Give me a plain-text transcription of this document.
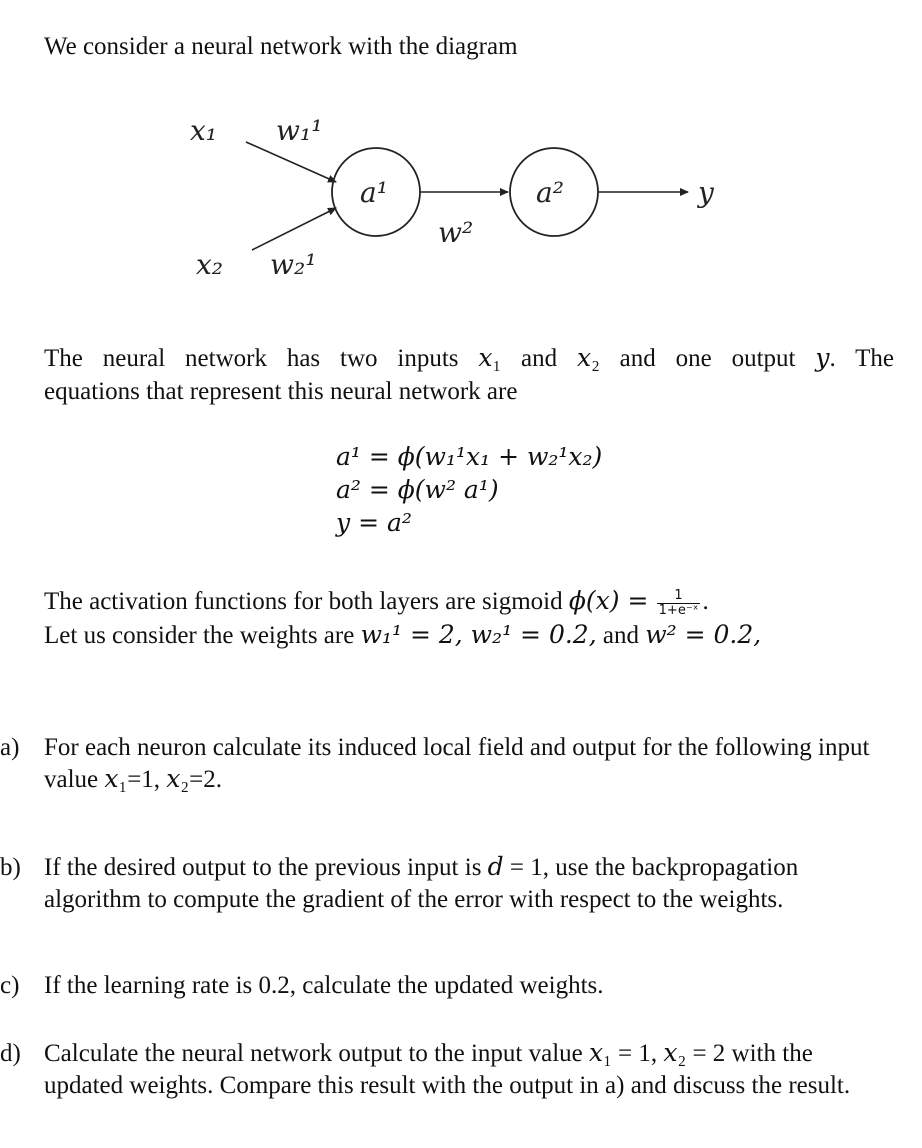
We consider a neural network with the diagram
x₁ w₁¹
x₂ w₂¹
a¹
w²
a²	y
The neural network has two inputs 𝑥₁ and 𝑥₂ and one output 𝑦. The
equations that represent this neural network are
a¹ = ϕ(w₁¹x₁ + w₂¹x₂)
a² = ϕ(w² a¹)
y = a²
The activation functions for both layers are sigmoid $\phi(x) = \frac{1}{\text{1+e⁻ˣ}}$ .
Let us consider the weights are w₁¹ = 2, w₂¹ = 0.2, and w² = 0.2,
a) For each neuron calculate its induced local field and output for the following input value 𝑥₁=1, 𝑥₂=2.
b) If the desired output to the previous input is 𝑑 = 1, use the backpropagation algorithm to compute the gradient of the error with respect to the weights.
c) If the learning rate is 0.2, calculate the updated weights.
d) Calculate the neural network output to the input value 𝑥₁ = 1, 𝑥₂ = 2 with the updated weights. Compare this result with the output in a) and discuss the result.
